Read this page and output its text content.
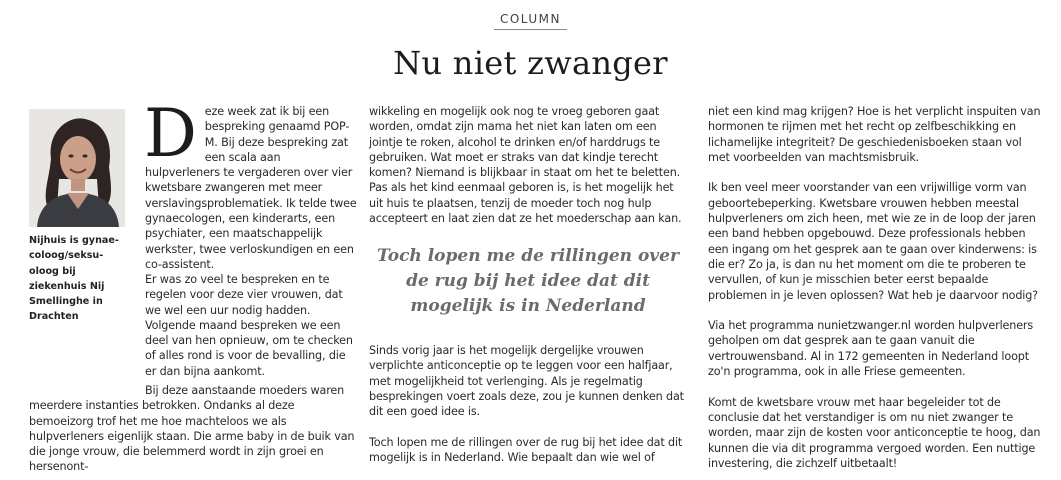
COLUMN
Nu niet zwanger
Nijhuis is gynae-coloog/seksu-oloog bij ziekenhuis Nij Smellinghe in Drachten

Deze week zat ik bij een bespreking genaamd POP-M. Bij deze bespreking zat een scala aan hulpverleners te vergaderen over vier kwetsbare zwangeren met meer verslavingsproblematiek. Ik telde twee gynaecologen, een kinderarts, een psychiater, een maatschappelijk werkster, twee verloskundigen en een co-assistent.

Er was zo veel te bespreken en te regelen voor deze vier vrouwen, dat we wel een uur nodig hadden. Volgende maand bespreken we een deel van hen opnieuw, om te checken of alles rond is voor de bevalling, die er dan bijna aankomt.

Bij deze aanstaande moeders waren meerdere instanties betrokken. Ondanks al deze bemoeizorg trof het me hoe machteloos we als hulpverleners eigenlijk staan. Die arme baby in de buik van die jonge vrouw, die belemmerd wordt in zijn groei en hersenont-

wikkeling en mogelijk ook nog te vroeg geboren gaat worden, omdat zijn mama het niet kan laten om een jointje te roken, alcohol te drinken en/of harddrugs te gebruiken. Wat moet er straks van dat kindje terecht komen? Niemand is blijkbaar in staat om het te beletten. Pas als het kind eenmaal geboren is, is het mogelijk het uit huis te plaatsen, tenzij de moeder toch nog hulp accepteert en laat zien dat ze het moederschap aan kan.

Toch lopen me de rillingen over de rug bij het idee dat dit mogelijk is in Nederland

Sinds vorig jaar is het mogelijk dergelijke vrouwen verplichte anticonceptie op te leggen voor een halfjaar, met mogelijkheid tot verlenging. Als je regelmatig besprekingen voert zoals deze, zou je kunnen denken dat dit een goed idee is.

Toch lopen me de rillingen over de rug bij het idee dat dit mogelijk is in Nederland. Wie bepaalt dan wie wel of

niet een kind mag krijgen? Hoe is het verplicht inspuiten van hormonen te rijmen met het recht op zelfbeschikking en lichamelijke integriteit? De geschiedenisboeken staan vol met voorbeelden van machtsmisbruik.

Ik ben veel meer voorstander van een vrijwillige vorm van geboortebeperking. Kwetsbare vrouwen hebben meestal hulpverleners om zich heen, met wie ze in de loop der jaren een band hebben opgebouwd. Deze professionals hebben een ingang om het gesprek aan te gaan over kinderwens: is die er? Zo ja, is dan nu het moment om die te proberen te vervullen, of kun je misschien beter eerst bepaalde problemen in je leven oplossen? Wat heb je daarvoor nodig?

Via het programma nunietzwanger.nl worden hulpverleners geholpen om dat gesprek aan te gaan vanuit die vertrouwensband. Al in 172 gemeenten in Nederland loopt zo'n programma, ook in alle Friese gemeenten.

Komt de kwetsbare vrouw met haar begeleider tot de conclusie dat het verstandiger is om nu niet zwanger te worden, maar zijn de kosten voor anticonceptie te hoog, dan kunnen die via dit programma vergoed worden. Een nuttige investering, die zichzelf uitbetaalt!
